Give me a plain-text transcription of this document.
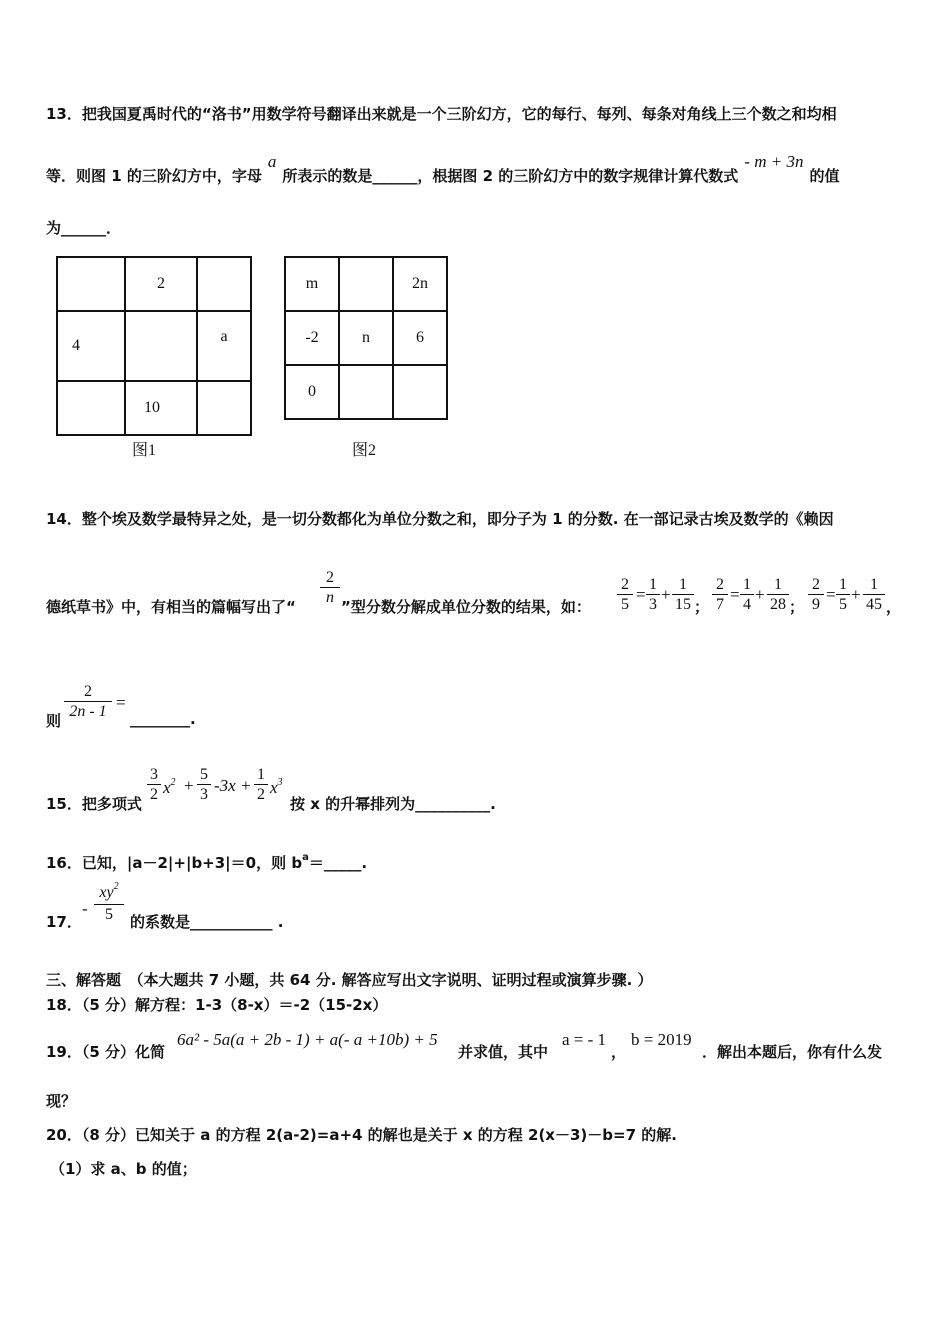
13．把我国夏禹时代的“洛书”用数学符号翻译出来就是一个三阶幻方，它的每行、每列、每条对角线上三个数之和均相
等．则图 1 的三阶幻方中，字母a所表示的数是______，根据图 2 的三阶幻方中的数字规律计算代数式- m + 3n的值
为______．
	2	
4		a
	10	
图1
m		2n
-2	n	6
0		
图2
14．整个埃及数学最特异之处，是一切分数都化为单位分数之和，即分子为 1 的分数. 在一部记录古埃及数学的《赖因
德纸草书》中，有相当的篇幅写出了“ $\frac{2}{n}$ ”型分数分解成单位分数的结果，如： $\frac{2}{5} = \frac{1}{3} + \frac{1}{15}$ ； $\frac{2}{7} = \frac{1}{4} + \frac{1}{28}$ ； $\frac{2}{9} = \frac{1}{5} + \frac{1}{45}$ ，
则 $\frac{2}{2n - 1}$ =
________.
15．把多项式 $\frac{3}{2} x^2 + \frac{5}{3} -3x + \frac{1}{2} x^3$
按 x 的升幂排列为__________.
16．已知，|a－2|+|b+3|＝0，则 $b^a=\_\_\_\_\_$.
17．
- $\frac{xy^2}{5}$ 的系数是___________ .
三、解答题　（本大题共 7 小题，共 64 分. 解答应写出文字说明、证明过程或演算步骤. ）
18．（5 分）解方程：1-3（8-x）＝-2（15-2x）
19．（5 分）化简
6a² - 5a(a + 2b - 1) + a(- a +10b) + 5
并求值，其中
a = - 1
，
b = 2019
．解出本题后，你有什么发
现？
20．（8 分）已知关于 a 的方程 2(a-2)=a+4 的解也是关于 x 的方程 2(x－3)－b=7 的解.
（1）求 a、b 的值；
